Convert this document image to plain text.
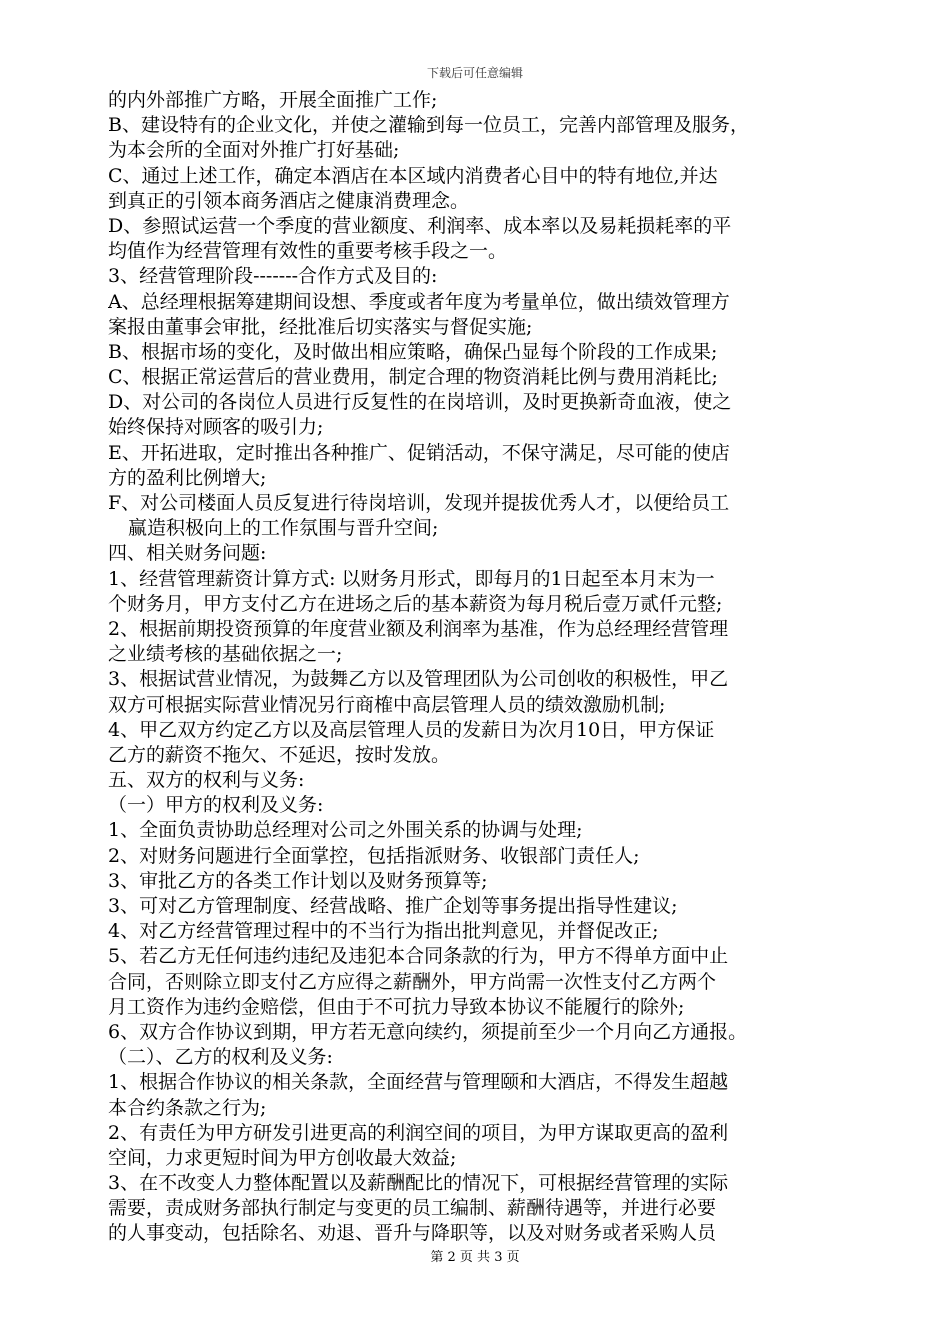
下载后可任意编辑
的内外部推广方略，开展全面推广工作;
B、建设特有的企业文化，并使之灌输到每一位员工，完善内部管理及服务，
为本会所的全面对外推广打好基础;
C、通过上述工作，确定本酒店在本区域内消费者心目中的特有地位,并达
到真正的引领本商务酒店之健康消费理念。
D、参照试运营一个季度的营业额度、利润率、成本率以及易耗损耗率的平
均值作为经营管理有效性的重要考核手段之一。
3、经营管理阶段-------合作方式及目的:
A、总经理根据筹建期间设想、季度或者年度为考量单位，做出绩效管理方
案报由董事会审批，经批准后切实落实与督促实施;
B、根据市场的变化，及时做出相应策略，确保凸显每个阶段的工作成果;
C、根据正常运营后的营业费用，制定合理的物资消耗比例与费用消耗比;
D、对公司的各岗位人员进行反复性的在岗培训，及时更换新奇血液，使之
始终保持对顾客的吸引力;
E、开拓进取，定时推出各种推广、促销活动，不保守满足，尽可能的使店
方的盈利比例增大;
F、对公司楼面人员反复进行待岗培训，发现并提拔优秀人才，以便给员工
赢造积极向上的工作氛围与晋升空间;
四、相关财务问题:
1、经营管理薪资计算方式: 以财务月形式，即每月的1日起至本月末为一
个财务月，甲方支付乙方在进场之后的基本薪资为每月税后壹万贰仟元整;
2、根据前期投资预算的年度营业额及利润率为基准，作为总经理经营管理
之业绩考核的基础依据之一;
3、根据试营业情况，为鼓舞乙方以及管理团队为公司创收的积极性，甲乙
双方可根据实际营业情况另行商榷中高层管理人员的绩效激励机制;
4、甲乙双方约定乙方以及高层管理人员的发薪日为次月10日，甲方保证
乙方的薪资不拖欠、不延迟，按时发放。
五、双方的权利与义务:
（一）甲方的权利及义务:
1、全面负责协助总经理对公司之外围关系的协调与处理;
2、对财务问题进行全面掌控，包括指派财务、收银部门责任人;
3、审批乙方的各类工作计划以及财务预算等;
3、可对乙方管理制度、经营战略、推广企划等事务提出指导性建议;
4、对乙方经营管理过程中的不当行为指出批判意见，并督促改正;
5、若乙方无任何违约违纪及违犯本合同条款的行为，甲方不得单方面中止
合同，否则除立即支付乙方应得之薪酬外，甲方尚需一次性支付乙方两个
月工资作为违约金赔偿，但由于不可抗力导致本协议不能履行的除外;
6、双方合作协议到期，甲方若无意向续约，须提前至少一个月向乙方通报。
（二）、乙方的权利及义务:
1、根据合作协议的相关条款，全面经营与管理颐和大酒店，不得发生超越
本合约条款之行为;
2、有责任为甲方研发引进更高的利润空间的项目，为甲方谋取更高的盈利
空间，力求更短时间为甲方创收最大效益;
3、在不改变人力整体配置以及薪酬配比的情况下，可根据经营管理的实际
需要，责成财务部执行制定与变更的员工编制、薪酬待遇等，并进行必要
的人事变动，包括除名、劝退、晋升与降职等，以及对财务或者采购人员
第 2 页 共 3 页
